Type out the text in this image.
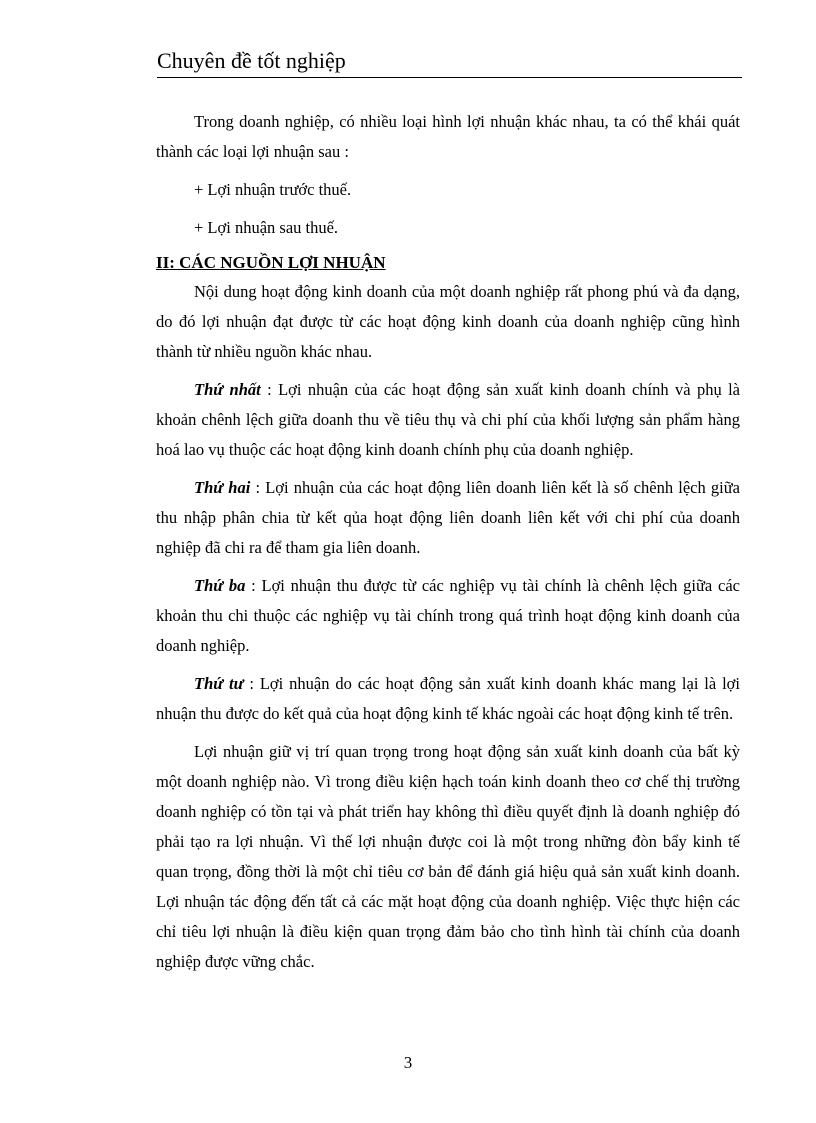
Chuyên đề tốt nghiệp

Trong doanh nghiệp, có nhiều loại hình lợi nhuận khác nhau, ta có thể khái quát thành các loại lợi nhuận sau :

+ Lợi nhuận trước thuế.

+ Lợi nhuận sau thuế.

II: CÁC NGUỒN LỢI NHUẬN

Nội dung hoạt động kinh doanh của một doanh nghiệp rất phong phú và đa dạng, do đó lợi nhuận đạt được từ các hoạt động kinh doanh của doanh nghiệp cũng hình thành từ nhiều nguồn khác nhau.

Thứ nhất : Lợi nhuận của các hoạt động sản xuất kinh doanh chính và phụ là khoản chênh lệch giữa doanh thu về tiêu thụ và chi phí của khối lượng sản phẩm hàng hoá lao vụ thuộc các hoạt động kinh doanh chính phụ của doanh nghiệp.

Thứ hai : Lợi nhuận của các hoạt động liên doanh liên kết là số chênh lệch giữa thu nhập phân chia từ kết qủa hoạt động liên doanh liên kết với chi phí của doanh nghiệp đã chi ra để tham gia liên doanh.

Thứ ba : Lợi nhuận thu được từ các nghiệp vụ tài chính là chênh lệch giữa các khoản thu chi thuộc các nghiệp vụ tài chính trong quá trình hoạt động kinh doanh của doanh nghiệp.

Thứ tư : Lợi nhuận do các hoạt động sản xuất kinh doanh khác mang lại là lợi nhuận thu được do kết quả của hoạt động kinh tế khác ngoài các hoạt động kinh tế trên.

Lợi nhuận giữ vị trí quan trọng trong hoạt động sản xuất kinh doanh của bất kỳ một doanh nghiệp nào. Vì trong điều kiện hạch toán kinh doanh theo cơ chế thị trường doanh nghiệp có tồn tại và phát triển hay không thì điều quyết định là doanh nghiệp đó phải tạo ra lợi nhuận. Vì thế lợi nhuận được coi là một trong những đòn bẩy kinh tế quan trọng, đồng thời là một chỉ tiêu cơ bản để đánh giá hiệu quả sản xuất kinh doanh. Lợi nhuận tác động đến tất cả các mặt hoạt động của doanh nghiệp. Việc thực hiện các chỉ tiêu lợi nhuận là điều kiện quan trọng đảm bảo cho tình hình tài chính của doanh nghiệp được vững chắc.

3
